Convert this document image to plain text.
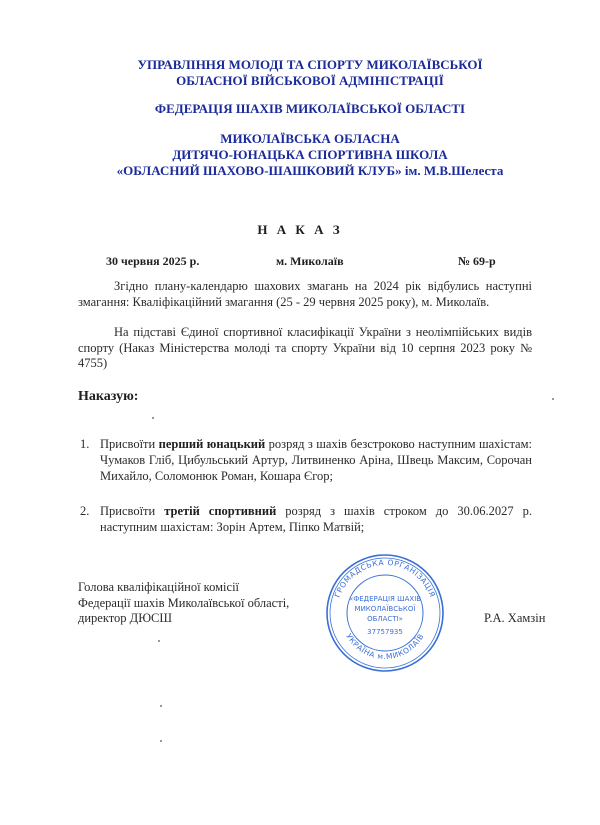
УПРАВЛІННЯ МОЛОДІ ТА СПОРТУ МИКОЛАЇВСЬКОЇ
ОБЛАСНОЇ ВІЙСЬКОВОЇ АДМІНІСТРАЦІЇ
ФЕДЕРАЦІЯ ШАХІВ МИКОЛАЇВСЬКОЇ ОБЛАСТІ
МИКОЛАЇВСЬКА ОБЛАСНА
ДИТЯЧО-ЮНАЦЬКА СПОРТИВНА ШКОЛА
«ОБЛАСНИЙ ШАХОВО-ШАШКОВИЙ КЛУБ» ім. М.В.Шелеста
Н А К А З
30 червня 2025 р.	м. Миколаїв	№ 69-р
Згідно плану-календарю шахових змагань на 2024 рік відбулись наступні змагання: Кваліфікаційний змагання (25 - 29 червня 2025 року), м. Миколаїв.
На підставі Єдиної спортивної класифікації України з неолімпійських видів спорту (Наказ Міністерства молоді та спорту України від 10 серпня 2023 року № 4755)
Наказую:
1. Присвоїти перший юнацький розряд з шахів безстроково наступним шахістам: Чумаков Гліб, Цибульський Артур, Литвиненко Аріна, Швець Максим, Сорочан Михайло, Соломонюк Роман, Кошара Єгор;
2. Присвоїти третій спортивний розряд з шахів строком до 30.06.2027 р. наступним шахістам: Зорін Артем, Піпко Матвій;
Голова кваліфікаційної комісії
Федерації шахів Миколаївської області,
директор ДЮСШ	Р.А. Хамзін
ГРОМАДСЬКА ОРГАНІЗАЦІЯ
УКРАЇНА м.МИКОЛАЇВ
«ФЕДЕРАЦІЯ ШАХІВ
МИКОЛАЇВСЬКОЇ
ОБЛАСТІ»
37757935
